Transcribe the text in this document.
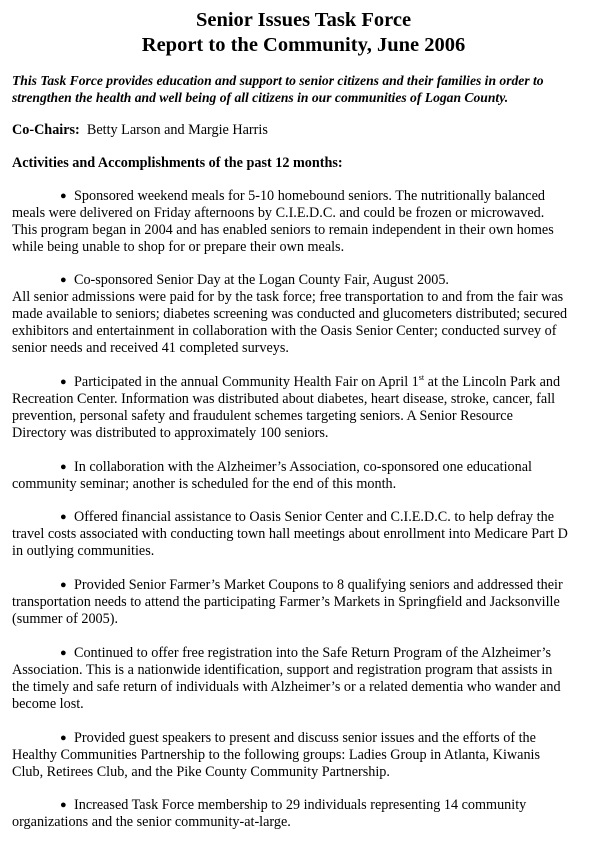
Senior Issues Task Force
Report to the Community, June 2006
This Task Force provides education and support to senior citizens and their families in order to
strengthen the health and well being of all citizens in our communities of Logan County.
Co-Chairs: Betty Larson and Margie Harris
Activities and Accomplishments of the past 12 months:
● Sponsored weekend meals for 5-10 homebound seniors. The nutritionally balanced
meals were delivered on Friday afternoons by C.I.E.D.C. and could be frozen or microwaved.
This program began in 2004 and has enabled seniors to remain independent in their own homes
while being unable to shop for or prepare their own meals.
● Co-sponsored Senior Day at the Logan County Fair, August 2005.
All senior admissions were paid for by the task force; free transportation to and from the fair was
made available to seniors; diabetes screening was conducted and glucometers distributed; secured
exhibitors and entertainment in collaboration with the Oasis Senior Center; conducted survey of
senior needs and received 41 completed surveys.
● Participated in the annual Community Health Fair on April 1st at the Lincoln Park and
Recreation Center. Information was distributed about diabetes, heart disease, stroke, cancer, fall
prevention, personal safety and fraudulent schemes targeting seniors. A Senior Resource
Directory was distributed to approximately 100 seniors.
● In collaboration with the Alzheimer’s Association, co-sponsored one educational
community seminar; another is scheduled for the end of this month.
● Offered financial assistance to Oasis Senior Center and C.I.E.D.C. to help defray the
travel costs associated with conducting town hall meetings about enrollment into Medicare Part D
in outlying communities.
● Provided Senior Farmer’s Market Coupons to 8 qualifying seniors and addressed their
transportation needs to attend the participating Farmer’s Markets in Springfield and Jacksonville
(summer of 2005).
● Continued to offer free registration into the Safe Return Program of the Alzheimer’s
Association. This is a nationwide identification, support and registration program that assists in
the timely and safe return of individuals with Alzheimer’s or a related dementia who wander and
become lost.
● Provided guest speakers to present and discuss senior issues and the efforts of the
Healthy Communities Partnership to the following groups: Ladies Group in Atlanta, Kiwanis
Club, Retirees Club, and the Pike County Community Partnership.
● Increased Task Force membership to 29 individuals representing 14 community
organizations and the senior community-at-large.
